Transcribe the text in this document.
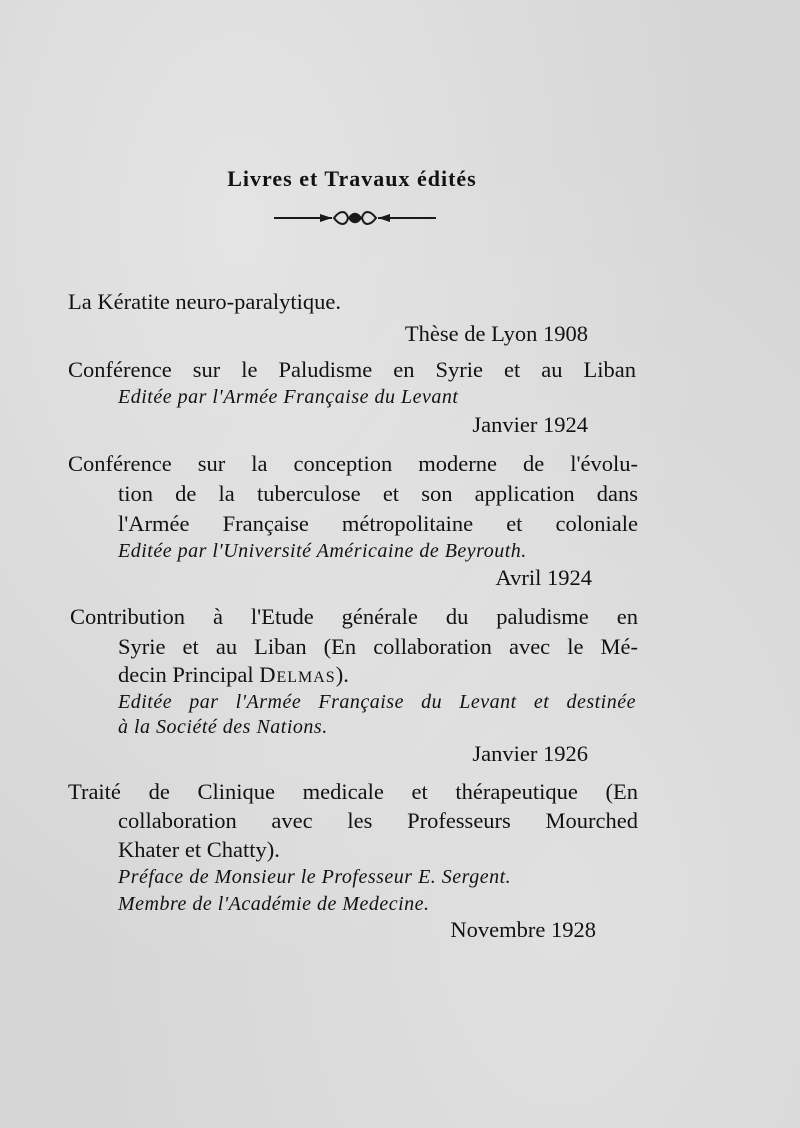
Livres et Travaux édités
La Kératite neuro-paralytique.
Thèse de Lyon 1908
Conférence sur le Paludisme en Syrie et au Liban
Editée par l'Armée Française du Levant
Janvier 1924
Conférence sur la conception moderne de l'évolu-
tion de la tuberculose et son application dans
l'Armée Française métropolitaine et coloniale
Editée par l'Université Américaine de Beyrouth.
Avril 1924
Contribution à l'Etude générale du paludisme en
Syrie et au Liban (En collaboration avec le Mé-
decin Principal Delmas).
Editée par l'Armée Française du Levant et destinée
à la Société des Nations.
Janvier 1926
Traité de Clinique medicale et thérapeutique (En
collaboration avec les Professeurs Mourched
Khater et Chatty).
Préface de Monsieur le Professeur E. Sergent.
Membre de l'Académie de Medecine.
Novembre 1928
